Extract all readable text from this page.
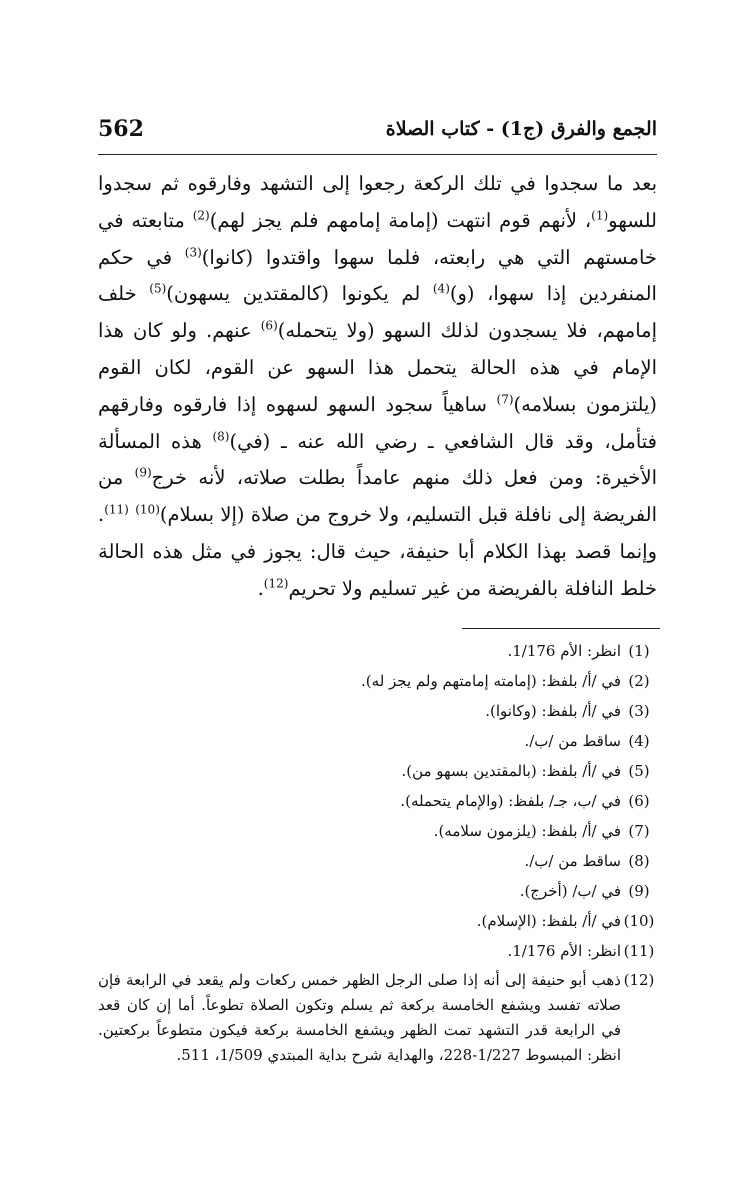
562	الجمع والفرق (ج1) - كتاب الصلاة

بعد ما سجدوا في تلك الركعة رجعوا إلى التشهد وفارقوه ثم سجدوا للسهو$^{(1)}$، لأنهم قوم انتهت (إمامة إمامهم فلم يجز لهم)$^{(2)}$ متابعته في خامستهم التي هي رابعته، فلما سهوا واقتدوا (كانوا)$^{(3)}$ في حكم المنفردين إذا سهوا، (و)$^{(4)}$ لم يكونوا (كالمقتدين يسهون)$^{(5)}$ خلف إمامهم، فلا يسجدون لذلك السهو (ولا يتحمله)$^{(6)}$ عنهم. ولو كان هذا الإمام في هذه الحالة يتحمل هذا السهو عن القوم، لكان القوم (يلتزمون بسلامه)$^{(7)}$ ساهياً سجود السهو لسهوه إذا فارقوه وفارقهم فتأمل، وقد قال الشافعي ـ رضي الله عنه ـ (في)$^{(8)}$ هذه المسألة الأخيرة: ومن فعل ذلك منهم عامداً بطلت صلاته، لأنه خرج$^{(9)}$ من الفريضة إلى نافلة قبل التسليم، ولا خروج من صلاة (إلا بسلام)$^{(10)}$ $^{(11)}$. وإنما قصد بهذا الكلام أبا حنيفة، حيث قال: يجوز في مثل هذه الحالة خلط النافلة بالفريضة من غير تسليم ولا تحريم$^{(12)}$.

(1)
انظر: الأم 1/176.
(2)
في /أ/ بلفظ: (إمامته إمامتهم ولم يجز له).
(3)
في /أ/ بلفظ: (وكانوا).
(4)
ساقط من /ب/.
(5)
في /أ/ بلفظ: (بالمقتدين بسهو من).
(6)
في /ب، جـ/ بلفظ: (والإمام يتحمله).
(7)
في /أ/ بلفظ: (يلزمون سلامه).
(8)
ساقط من /ب/.
(9)
في /ب/ (أخرج).
(10)
في /أ/ بلفظ: (الإسلام).
(11)
انظر: الأم 1/176.
(12)
ذهب أبو حنيفة إلى أنه إذا صلى الرجل الظهر خمس ركعات ولم يقعد في الرابعة فإن صلاته تفسد ويشفع الخامسة بركعة ثم يسلم وتكون الصلاة تطوعاً. أما إن كان قعد في الرابعة قدر التشهد تمت الظهر ويشفع الخامسة بركعة فيكون متطوعاً بركعتين. انظر: المبسوط 1/227-228، والهداية شرح بداية المبتدي 1/509، 511.
